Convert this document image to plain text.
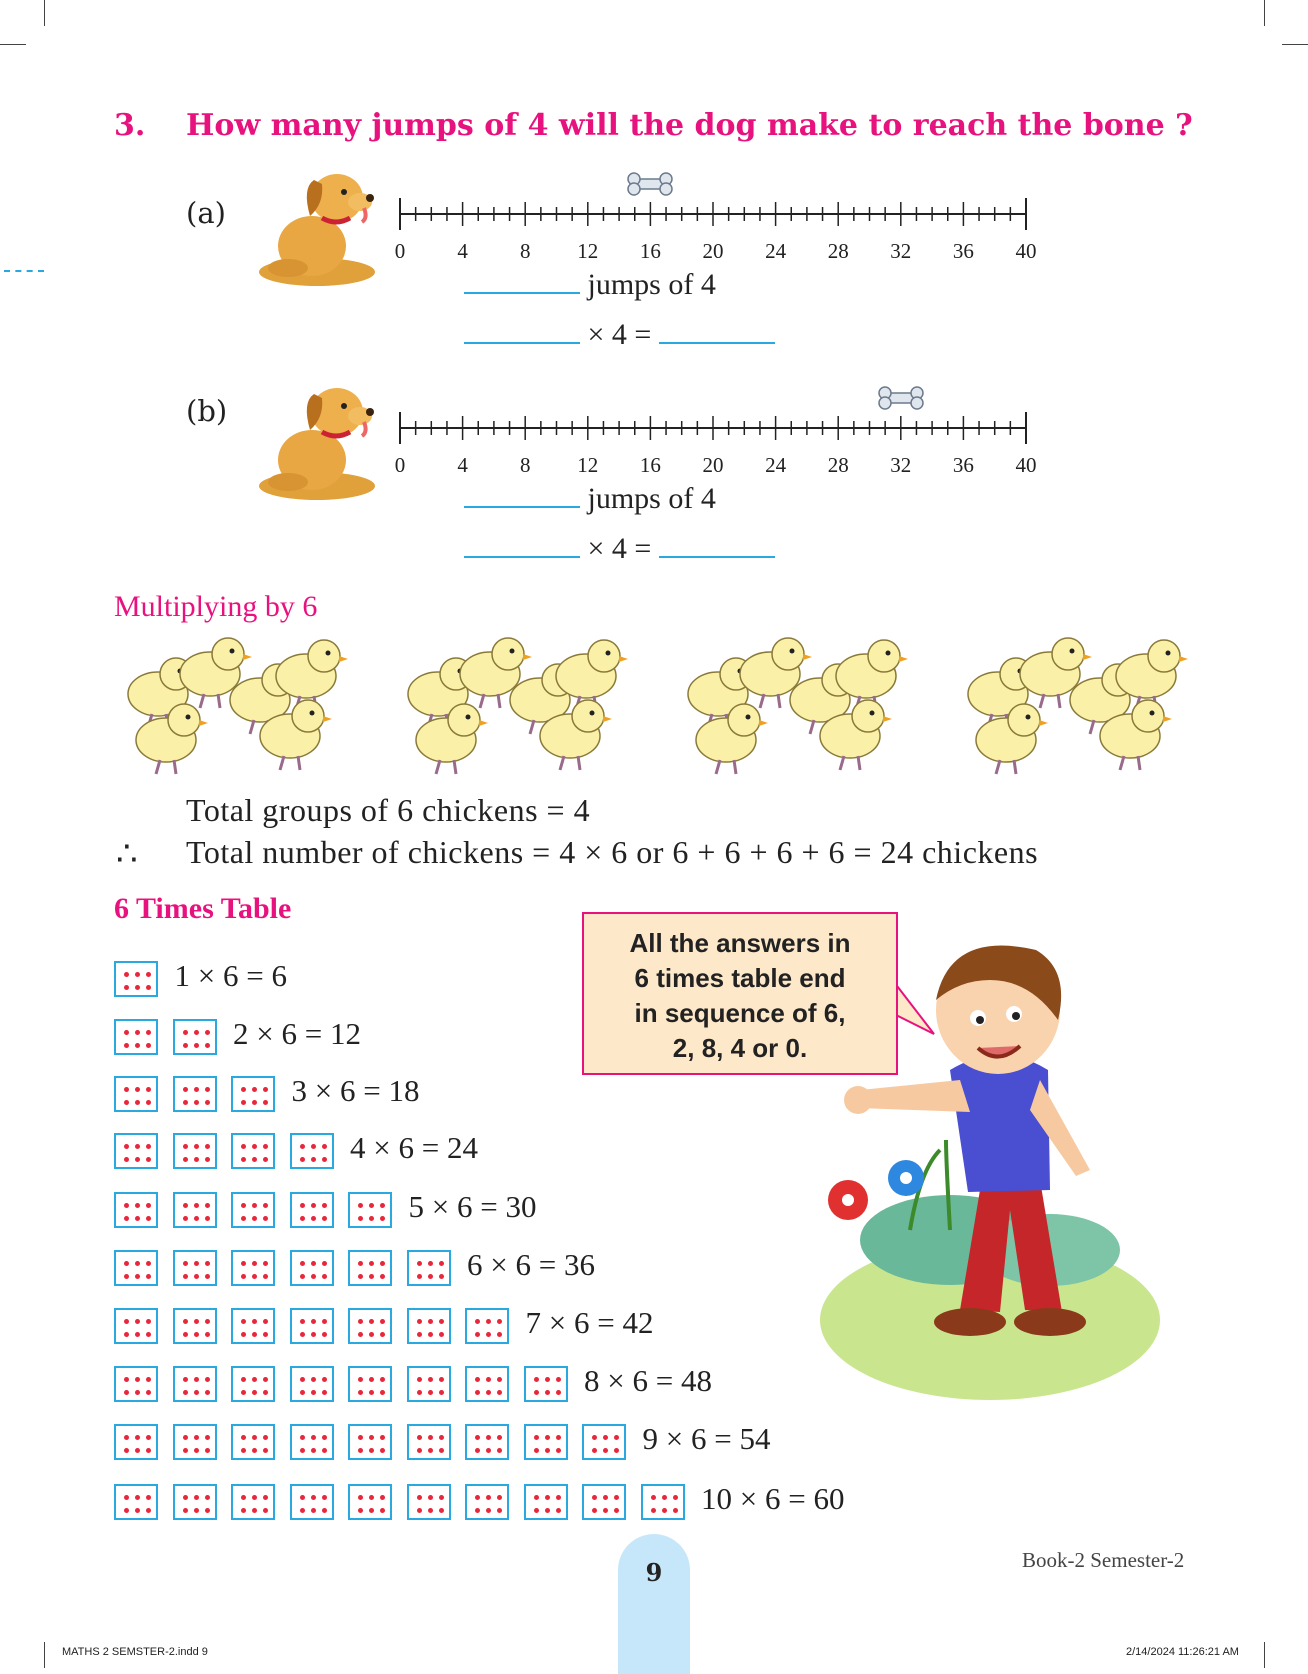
3. How many jumps of 4 will the dog make to reach the bone ?
(a)
0 4 8 12 16 20 24 28 32 36 40
jumps of 4
× 4 =
(b)
0 4 8 12 16 20 24 28 32 36 40
jumps of 4
× 4 =
Multiplying by 6
Total groups of 6 chickens = 4
∴ Total number of chickens = 4 × 6 or 6 + 6 + 6 + 6 = 24 chickens
6 Times Table
1 × 6 = 6
2 × 6 = 12
3 × 6 = 18
4 × 6 = 24
5 × 6 = 30
6 × 6 = 36
7 × 6 = 42
8 × 6 = 48
9 × 6 = 54
10 × 6 = 60
All the answers in
6 times table end
in sequence of 6,
2, 8, 4 or 0.
9	Book-2 Semester-2
MATHS 2 SEMSTER-2.indd 9	2/14/2024 11:26:21 AM
